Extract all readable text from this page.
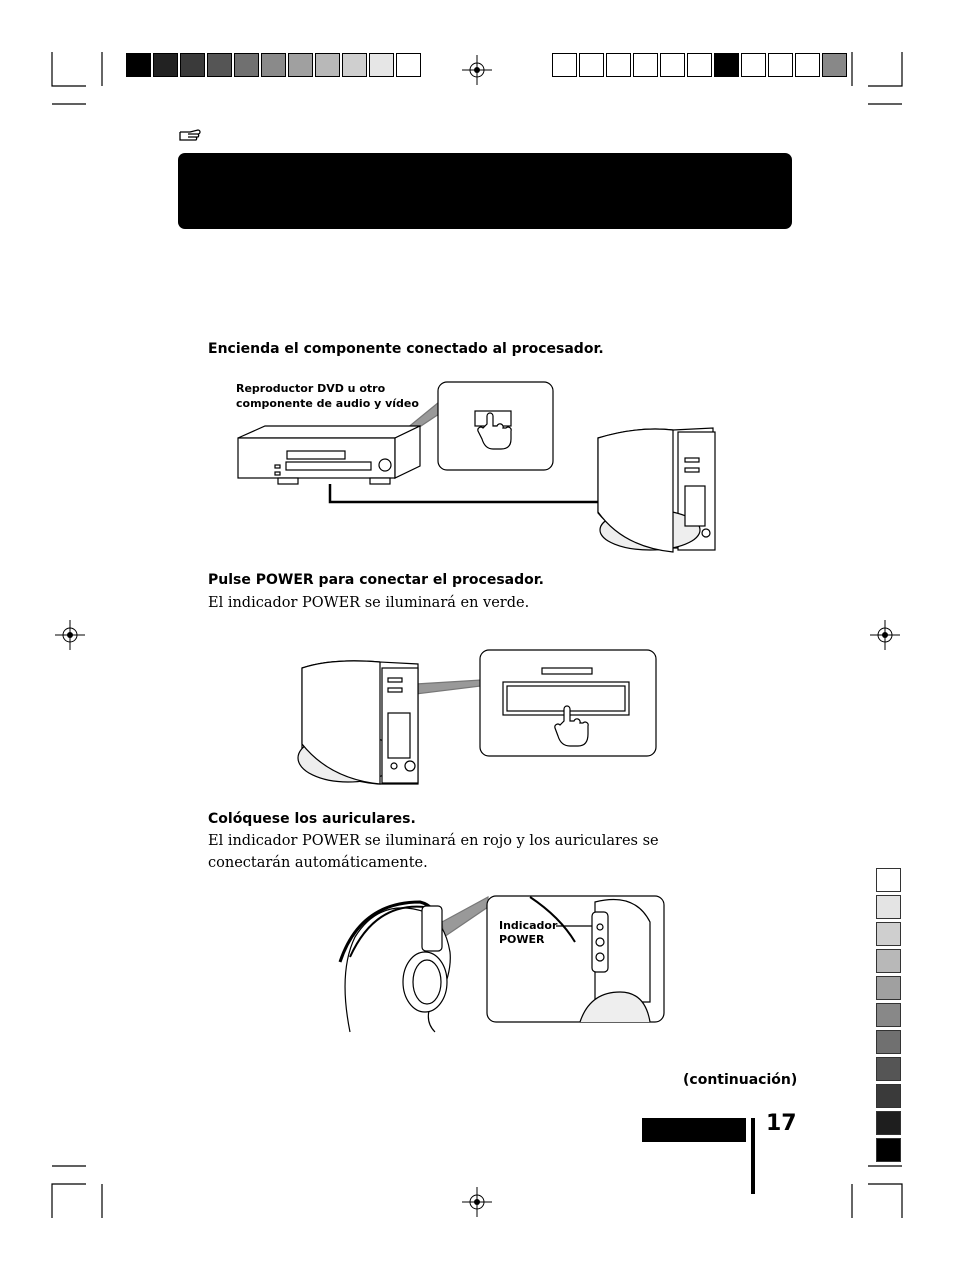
Encienda el componente conectado al procesador.
Reproductor DVD u otro
componente de audio y vídeo
Pulse POWER para conectar el procesador.
El indicador POWER se iluminará en verde.
Colóquese los auriculares.
El indicador POWER se iluminará en rojo y los auriculares se conectarán automáticamente.
Indicador
POWER
(continuación)
17
